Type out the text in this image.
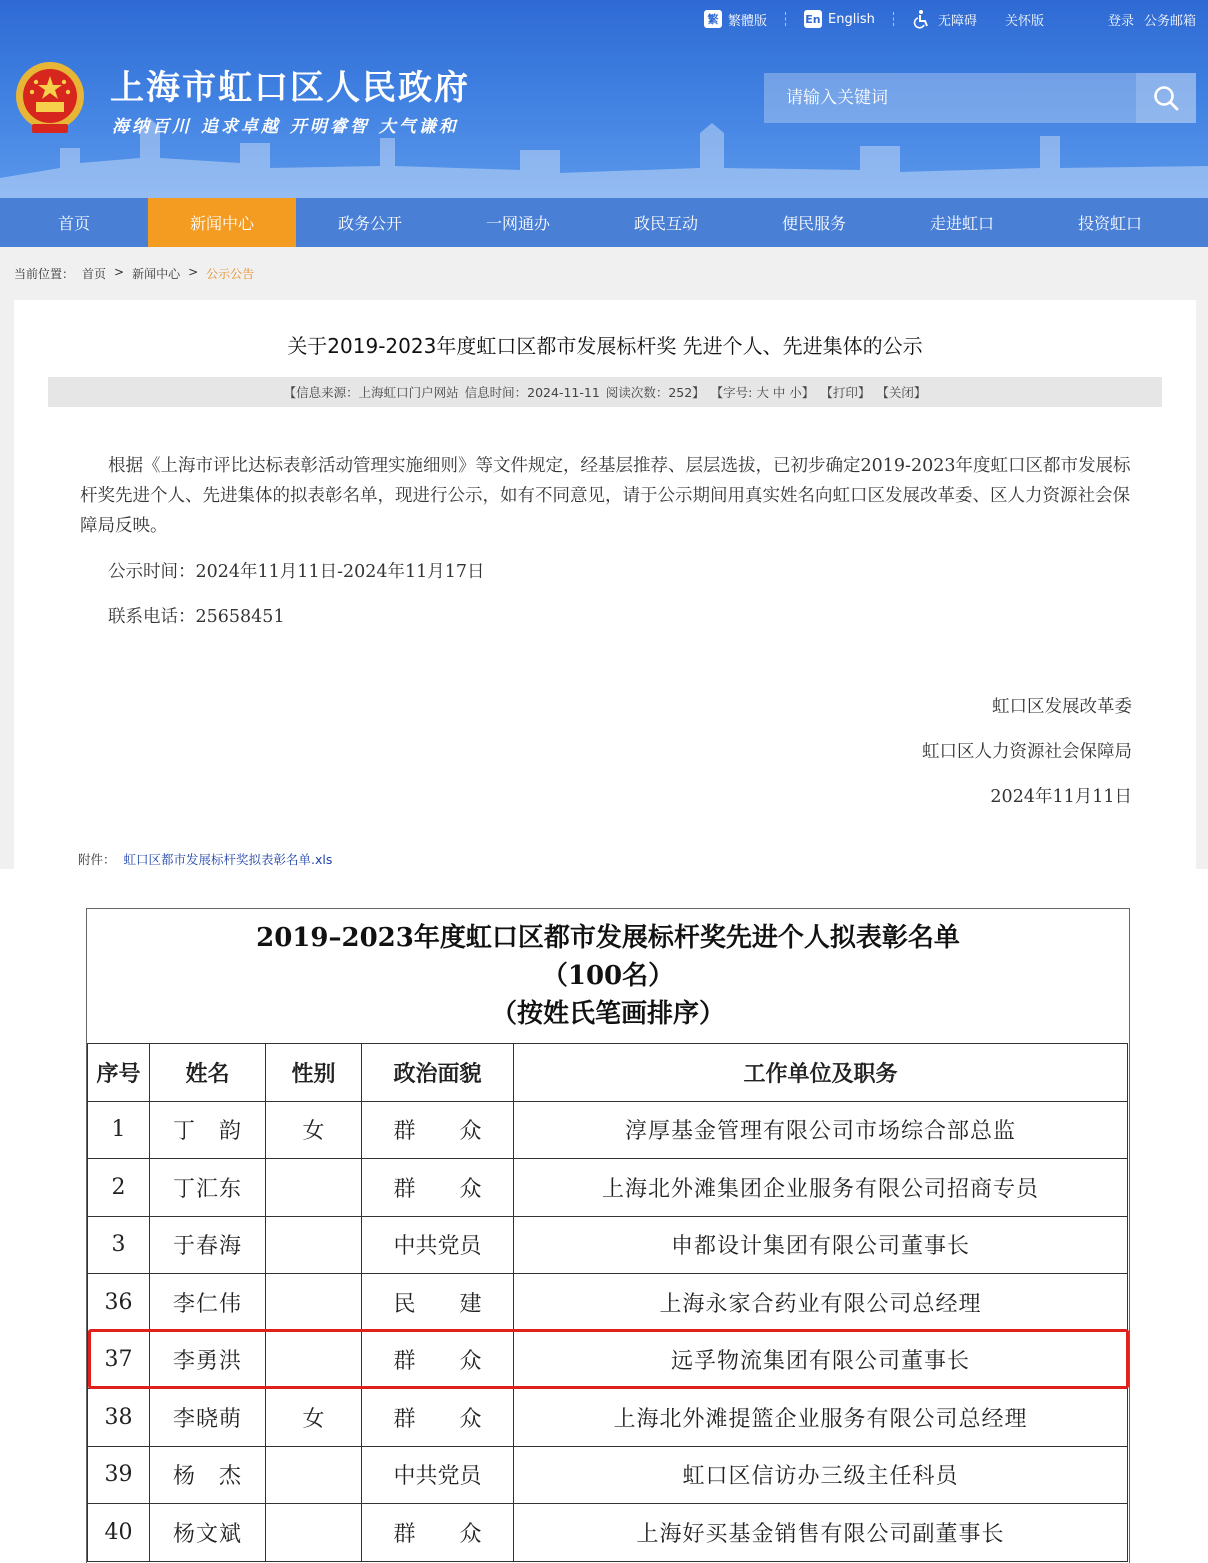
繁 繁體版	En English	无障碍 关怀版	登录 公务邮箱
上海市虹口区人民政府
海纳百川 追求卓越 开明睿智 大气谦和
请输入关键词
首页	新闻中心	政务公开	一网通办	政民互动	便民服务	走进虹口	投资虹口
当前位置： 首页 > 新闻中心 > 公示公告
关于2019-2023年度虹口区都市发展标杆奖 先进个人、先进集体的公示
【信息来源：上海虹口门户网站 信息时间：2024-11-11 阅读次数：252】 【字号: 大 中 小】 【打印】 【关闭】

根据《上海市评比达标表彰活动管理实施细则》等文件规定，经基层推荐、层层选拔，已初步确定2019-2023年度虹口区都市发展标杆奖先进个人、先进集体的拟表彰名单，现进行公示，如有不同意见，请于公示期间用真实姓名向虹口区发展改革委、区人力资源社会保障局反映。

公示时间：2024年11月11日-2024年11月17日
联系电话：25658451
虹口区发展改革委
虹口区人力资源社会保障局
2024年11月11日
附件： 虹口区都市发展标杆奖拟表彰名单.xls
2019–2023年度虹口区都市发展标杆奖先进个人拟表彰名单
（100名）
（按姓氏笔画排序）
序号	姓名	性别	政治面貌	工作单位及职务
1	丁　韵	女	群　　众	淳厚基金管理有限公司市场综合部总监
2	丁汇东		群　　众	上海北外滩集团企业服务有限公司招商专员
3	于春海		中共党员	申都设计集团有限公司董事长
36	李仁伟		民　　建	上海永家合药业有限公司总经理
37	李勇洪		群　　众	远孚物流集团有限公司董事长
38	李晓萌	女	群　　众	上海北外滩提篮企业服务有限公司总经理
39	杨　杰		中共党员	虹口区信访办三级主任科员
40	杨文斌		群　　众	上海好买基金销售有限公司副董事长
